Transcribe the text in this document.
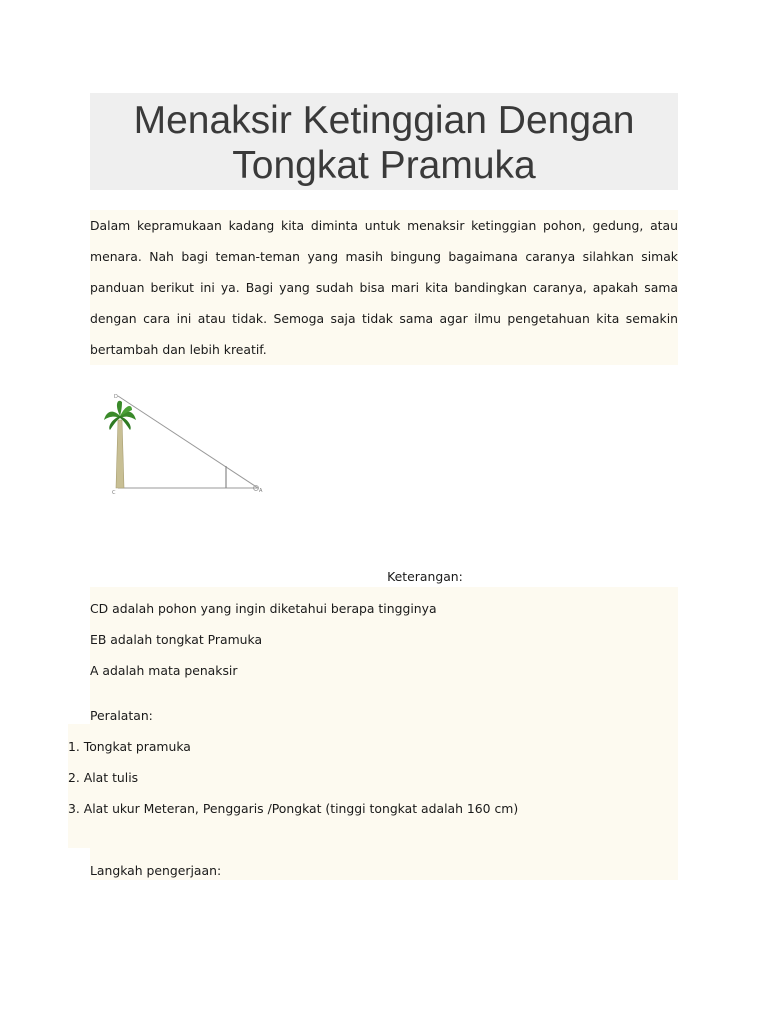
Menaksir Ketinggian Dengan
Tongkat Pramuka

Dalam kepramukaan kadang kita diminta untuk menaksir ketinggian pohon, gedung, atau menara. Nah bagi teman-teman yang masih bingung bagaimana caranya silahkan simak panduan berikut ini ya. Bagi yang sudah bisa mari kita bandingkan caranya, apakah sama dengan cara ini atau tidak. Semoga saja tidak sama agar ilmu pengetahuan kita semakin bertambah dan lebih kreatif.

D
C	A
Keterangan:
CD adalah pohon yang ingin diketahui berapa tingginya
EB adalah tongkat Pramuka
A adalah mata penaksir
Peralatan:
1. Tongkat pramuka
2. Alat tulis
3. Alat ukur Meteran, Penggaris /Pongkat (tinggi tongkat adalah 160 cm)
Langkah pengerjaan:
